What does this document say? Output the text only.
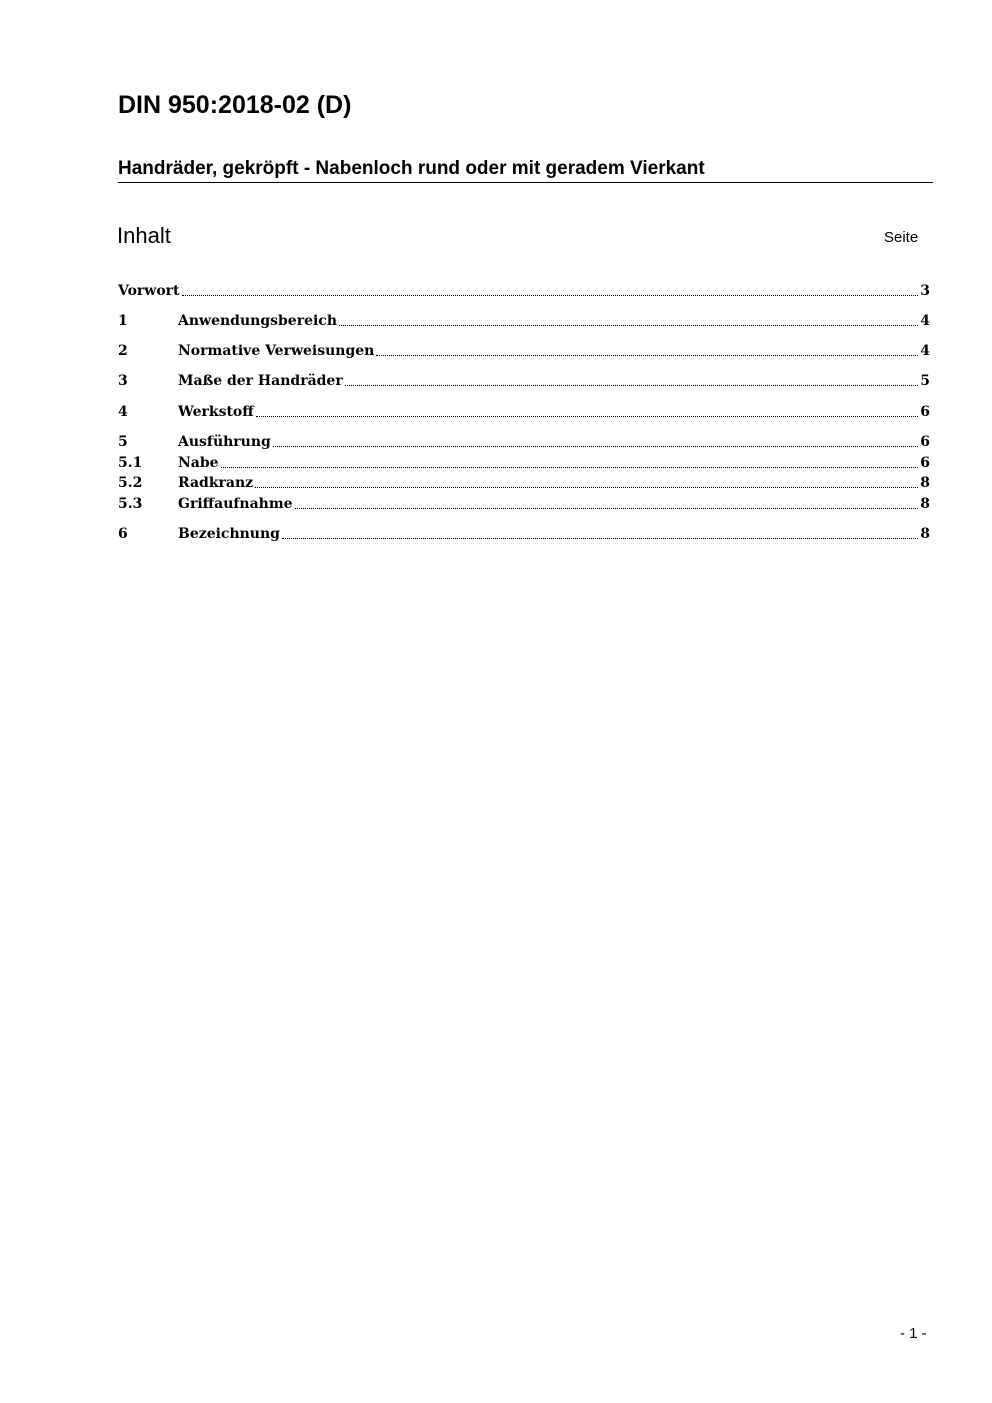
DIN 950:2018-02 (D)
Handräder, gekröpft - Nabenloch rund oder mit geradem Vierkant
Inhalt	Seite
Vorwort	3
1	Anwendungsbereich	4
2	Normative Verweisungen	4
3	Maße der Handräder	5
4	Werkstoff	6
5	Ausführung	6
5.1	Nabe	6
5.2	Radkranz	8
5.3	Griffaufnahme	8
6	Bezeichnung	8
- 1 -
